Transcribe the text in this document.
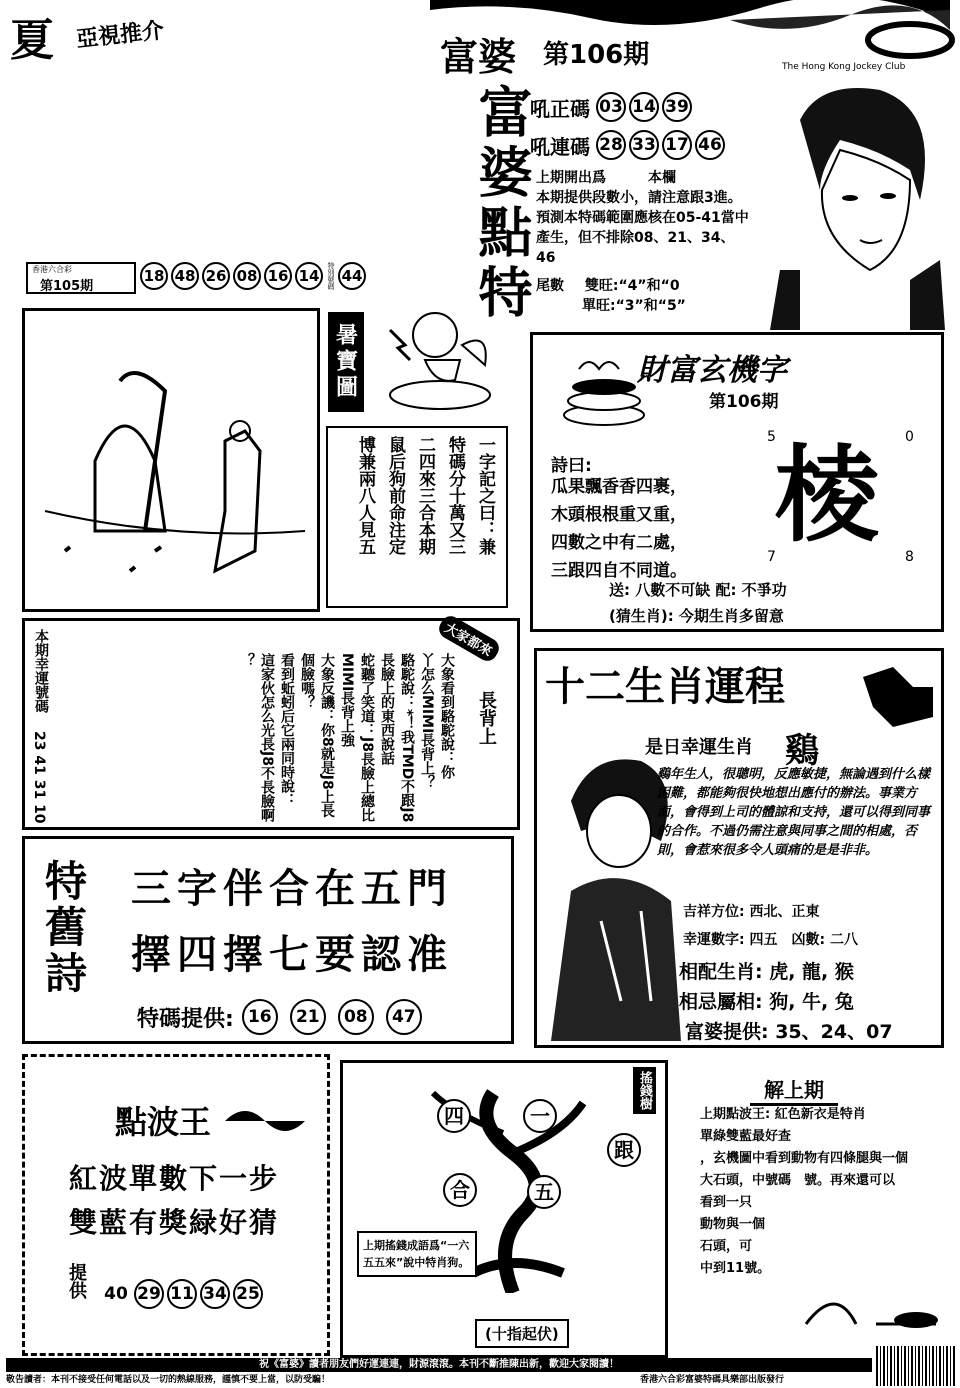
夏 亞視推介	富婆 第106期	The Hong Kong Jockey Club
富婆點特
吼正碼 03 14 39
吼連碼 28 33 17 46
上期開出爲　　　本欄
本期提供段數小，請注意跟3進。
預測本特碼範圍應核在05-41當中
產生，但不排除08、21、34、
46
尾數 雙旺:“4”和“0
單旺:“3”和“5”
香港六合彩
第105期
18 48 26 08 16 14	特別號碼 44
暑寶圖
一字記之曰：兼
特碼分十萬又三
二四來三合本期
鼠后狗前命注定
博兼兩八人見五
財富玄機字
第106期
詩曰:
瓜果飄香香四裹，
木頭根根重又重，
四數之中有二處，
三跟四自不同道。
5	0
棱
7	8
送: 八數不可缺 配: 不爭功
(猜生肖): 今期生肖多留意
大家都來
長背上
大象看到駱駝說：你
丫怎么MIMI長背上？
駱駝說：*！我TMD不跟J8
長臉上的東西說話
蛇聽了笑道：J8長臉上總比
MIMI長背上強
大象反譏：你8就是J8上長
個臉嗎？
看到蚯蚓后它兩同時說：
這家伙怎么光長J8不長臉啊
？
本期幸運號碼
23 41 31 10
十二生肖運程
是日幸運生肖 鷄
鷄年生人，很聰明，反應敏捷，無論遇到什么樣困難，都能夠很快地想出應付的辦法。事業方面，會得到上司的體諒和支持，還可以得到同事的合作。不過仍需注意與同事之間的相處，否則，會惹來很多令人頭痛的是是非非。
吉祥方位: 西北、正東
幸運數字: 四五　凶數: 二八
相配生肖: 虎, 龍, 猴
相忌屬相: 狗, 牛, 兔
富婆提供: 35、24、07
特舊詩 三字伴合在五門
擇四擇七要認准
特碼提供: 16	21	08	47
點波王
紅波單數下一步
雙藍有獎緑好猜
提供 40 29 11 34 25
搖錢樹
四	一
跟
合	五
上期搖錢成語爲“一六五五來”說中特肖狗。
(十指起伏)
解上期
上期點波王: 紅色新衣是特肖
單綠雙藍最好查
，玄機圖中看到動物有四條腿與一個
大石頭，中號碼　號。再來還可以
看到一只
動物與一個
石頭，可
中到11號。
祝《富婆》讀者朋友們好運連連，財源滾滾。本刊不斷推陳出新，歡迎大家閱讀！
敬告讀者：本刊不接受任何電話以及一切的熱線服務，謹慎不要上當，以防受騙！	香港六合彩富婆特碼具樂部出版發行
